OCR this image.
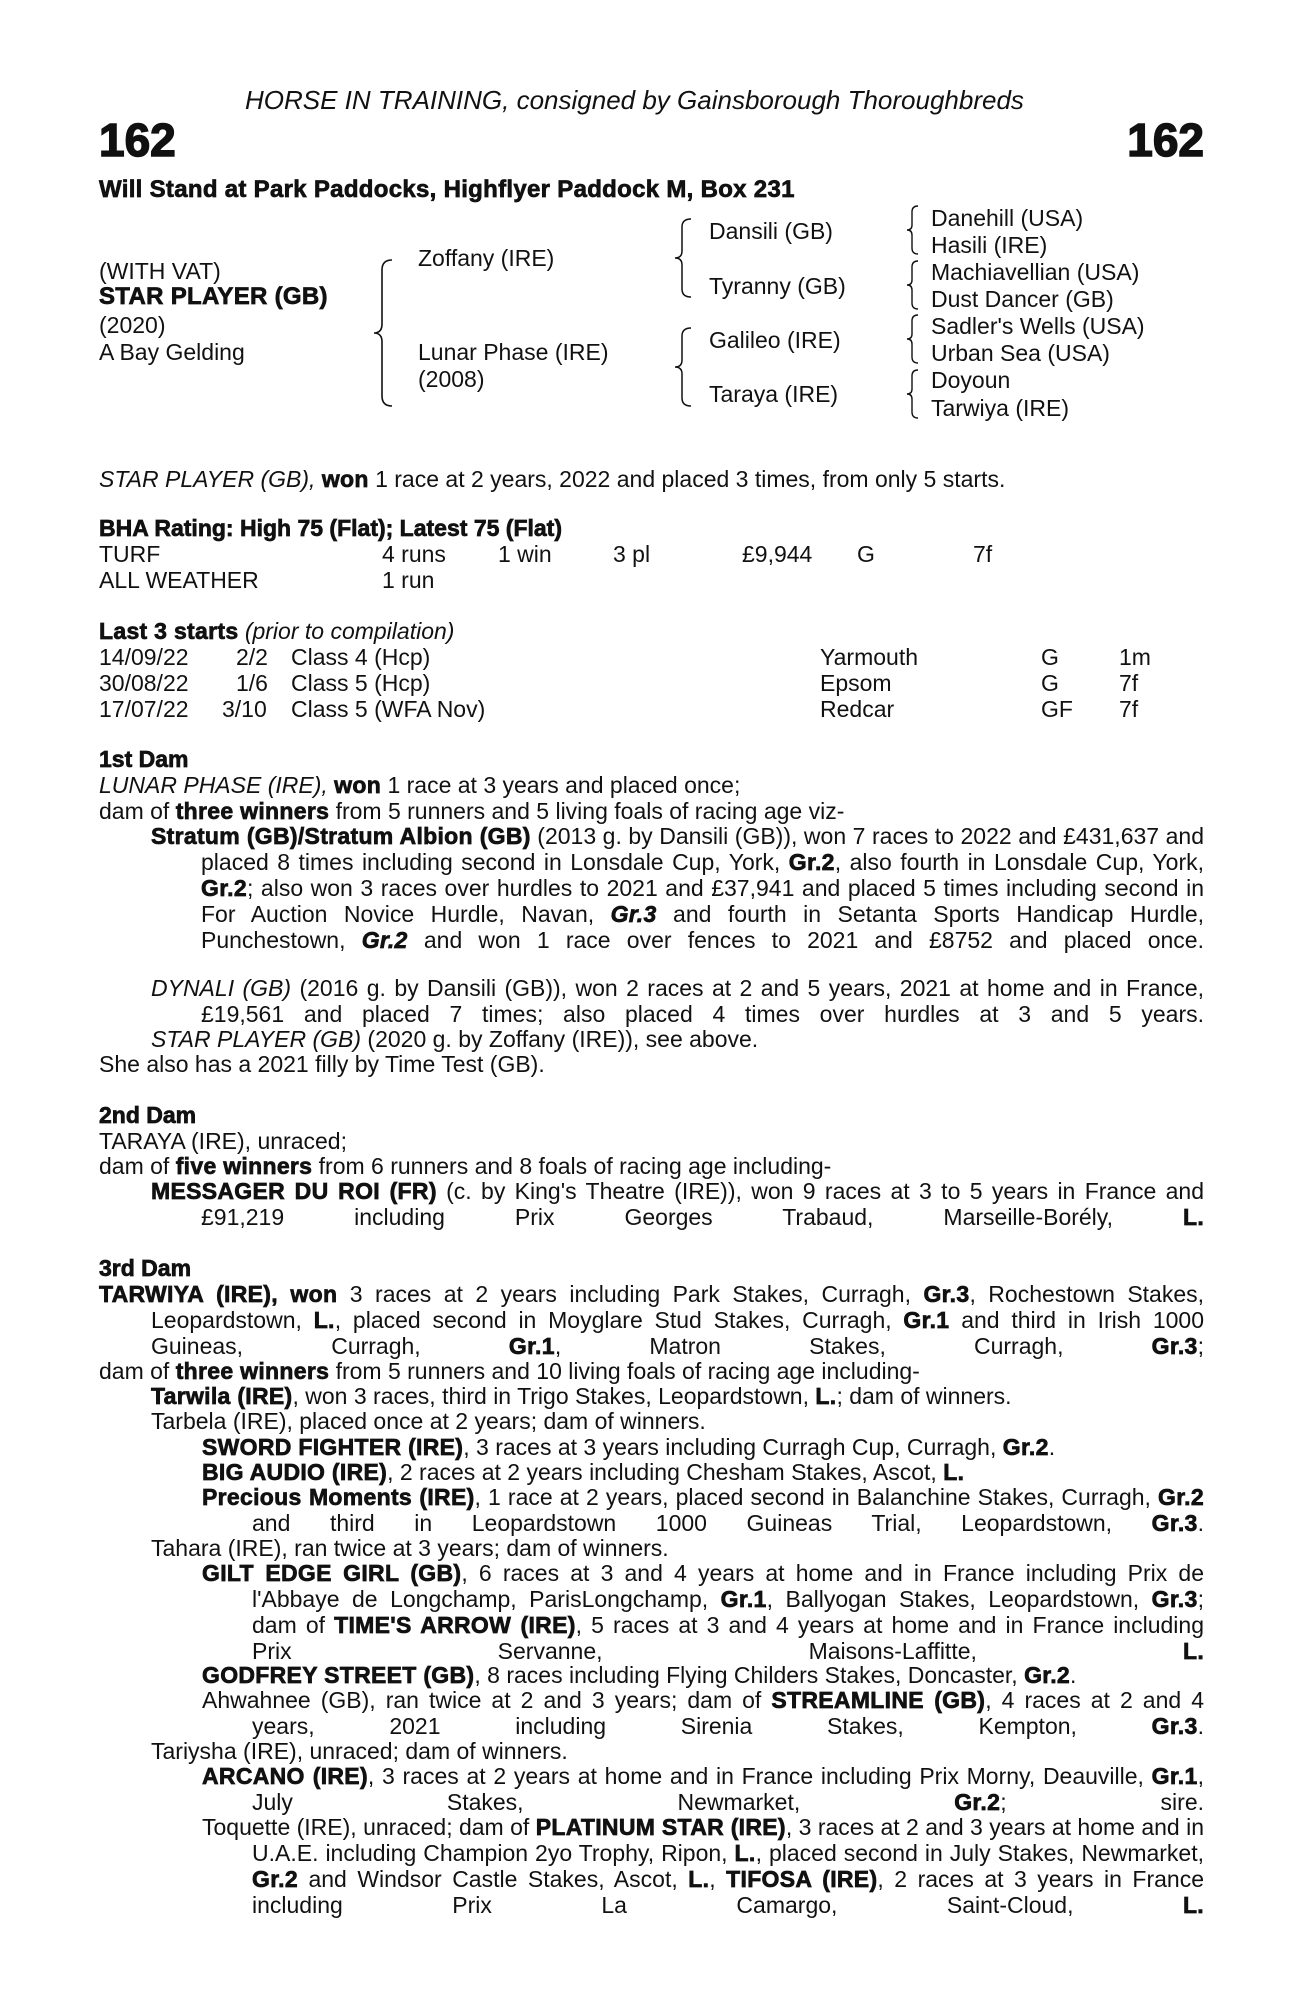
HORSE IN TRAINING, consigned by Gainsborough Thoroughbreds
162	162
Will Stand at Park Paddocks, Highflyer Paddock M, Box 231
(WITH VAT)
STAR PLAYER (GB)
(2020)
A Bay Gelding
Zoffany (IRE)
Lunar Phase (IRE)
(2008)
Dansili (GB)
Tyranny (GB)
Galileo (IRE)
Taraya (IRE)
Danehill (USA)
Hasili (IRE)
Machiavellian (USA)
Dust Dancer (GB)
Sadler's Wells (USA)
Urban Sea (USA)
Doyoun
Tarwiya (IRE)
STAR PLAYER (GB), won 1 race at 2 years, 2022 and placed 3 times, from only 5 starts.
BHA Rating: High 75 (Flat); Latest 75 (Flat)
TURF	4 runs 1 win	3 pl	£9,944 G	7f
ALL WEATHER	1 run
Last 3 starts (prior to compilation)
14/09/22 2/2 Class 4 (Hcp)	Yarmouth	G	1m
30/08/22 1/6 Class 5 (Hcp)	Epsom	G	7f
17/07/22 3/10 Class 5 (WFA Nov)	Redcar	GF 7f
1st Dam
LUNAR PHASE (IRE), won 1 race at 3 years and placed once;
dam of three winners from 5 runners and 5 living foals of racing age viz-
Stratum (GB)/Stratum Albion (GB) (2013 g. by Dansili (GB)), won 7 races to 2022 and £431,637 and placed 8 times including second in Lonsdale Cup, York, Gr.2, also fourth in Lonsdale Cup, York, Gr.2; also won 3 races over hurdles to 2021 and £37,941 and placed 5 times including second in For Auction Novice Hurdle, Navan, Gr.3 and fourth in Setanta Sports Handicap Hurdle, Punchestown, Gr.2 and won 1 race over fences to 2021 and £8752 and placed once.
DYNALI (GB) (2016 g. by Dansili (GB)), won 2 races at 2 and 5 years, 2021 at home and in France, £19,561 and placed 7 times; also placed 4 times over hurdles at 3 and 5 years.
STAR PLAYER (GB) (2020 g. by Zoffany (IRE)), see above.
She also has a 2021 filly by Time Test (GB).
2nd Dam
TARAYA (IRE), unraced;
dam of five winners from 6 runners and 8 foals of racing age including-
MESSAGER DU ROI (FR) (c. by King's Theatre (IRE)), won 9 races at 3 to 5 years in France and £91,219 including Prix Georges Trabaud, Marseille-Borély,	L.
3rd Dam
TARWIYA (IRE), won 3 races at 2 years including Park Stakes, Curragh, Gr.3, Rochestown Stakes, Leopardstown, L., placed second in Moyglare Stud Stakes, Curragh, Gr.1 and third in Irish 1000 Guineas, Curragh,	Gr.1, Matron Stakes, Curragh,	Gr.3;
dam of three winners from 5 runners and 10 living foals of racing age including-
Tarwila (IRE), won 3 races, third in Trigo Stakes, Leopardstown, L.; dam of winners.
Tarbela (IRE), placed once at 2 years; dam of winners.
SWORD FIGHTER (IRE), 3 races at 3 years including Curragh Cup, Curragh, Gr.2.
BIG AUDIO (IRE), 2 races at 2 years including Chesham Stakes, Ascot, L.
Precious Moments (IRE), 1 race at 2 years, placed second in Balanchine Stakes, Curragh, Gr.2 and third in Leopardstown 1000 Guineas Trial, Leopardstown, Gr.3.
Tahara (IRE), ran twice at 3 years; dam of winners.
GILT EDGE GIRL (GB), 6 races at 3 and 4 years at home and in France including Prix de l'Abbaye de Longchamp, ParisLongchamp, Gr.1, Ballyogan Stakes, Leopardstown, Gr.3; dam of TIME'S ARROW (IRE), 5 races at 3 and 4 years at home and in France including Prix Servanne, Maisons-Laffitte,	L.
GODFREY STREET (GB), 8 races including Flying Childers Stakes, Doncaster, Gr.2.
Ahwahnee (GB), ran twice at 2 and 3 years; dam of STREAMLINE (GB), 4 races at 2 and 4 years, 2021 including Sirenia Stakes, Kempton,	Gr.3.
Tariysha (IRE), unraced; dam of winners.
ARCANO (IRE), 3 races at 2 years at home and in France including Prix Morny, Deauville, Gr.1, July Stakes, Newmarket,	Gr.2; sire.
Toquette (IRE), unraced; dam of PLATINUM STAR (IRE), 3 races at 2 and 3 years at home and in U.A.E. including Champion 2yo Trophy, Ripon, L., placed second in July Stakes, Newmarket, Gr.2 and Windsor Castle Stakes, Ascot, L., TIFOSA (IRE), 2 races at 3 years in France including Prix La Camargo, Saint-Cloud,	L.
